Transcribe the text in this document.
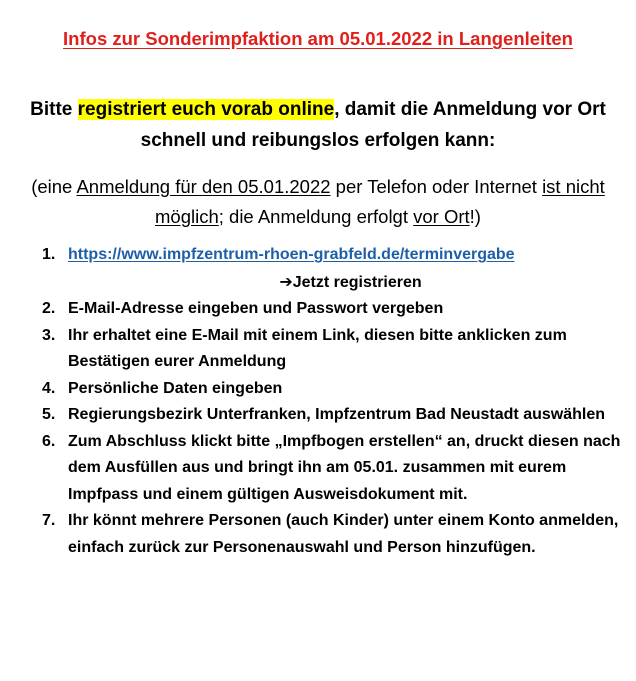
Infos zur Sonderimpfaktion am 05.01.2022 in Langenleiten
Bitte registriert euch vorab online, damit die Anmeldung vor Ort schnell und reibungslos erfolgen kann:
(eine Anmeldung für den 05.01.2022 per Telefon oder Internet ist nicht möglich; die Anmeldung erfolgt vor Ort!)
1. https://www.impfzentrum-rhoen-grabfeld.de/terminvergabe
➔Jetzt registrieren
2. E-Mail-Adresse eingeben und Passwort vergeben
3. Ihr erhaltet eine E-Mail mit einem Link, diesen bitte anklicken zum Bestätigen eurer Anmeldung
4. Persönliche Daten eingeben
5. Regierungsbezirk Unterfranken, Impfzentrum Bad Neustadt auswählen
6. Zum Abschluss klickt bitte „Impfbogen erstellen“ an, druckt diesen nach dem Ausfüllen aus und bringt ihn am 05.01. zusammen mit eurem Impfpass und einem gültigen Ausweisdokument mit.
7. Ihr könnt mehrere Personen (auch Kinder) unter einem Konto anmelden, einfach zurück zur Personenauswahl und Person hinzufügen.
